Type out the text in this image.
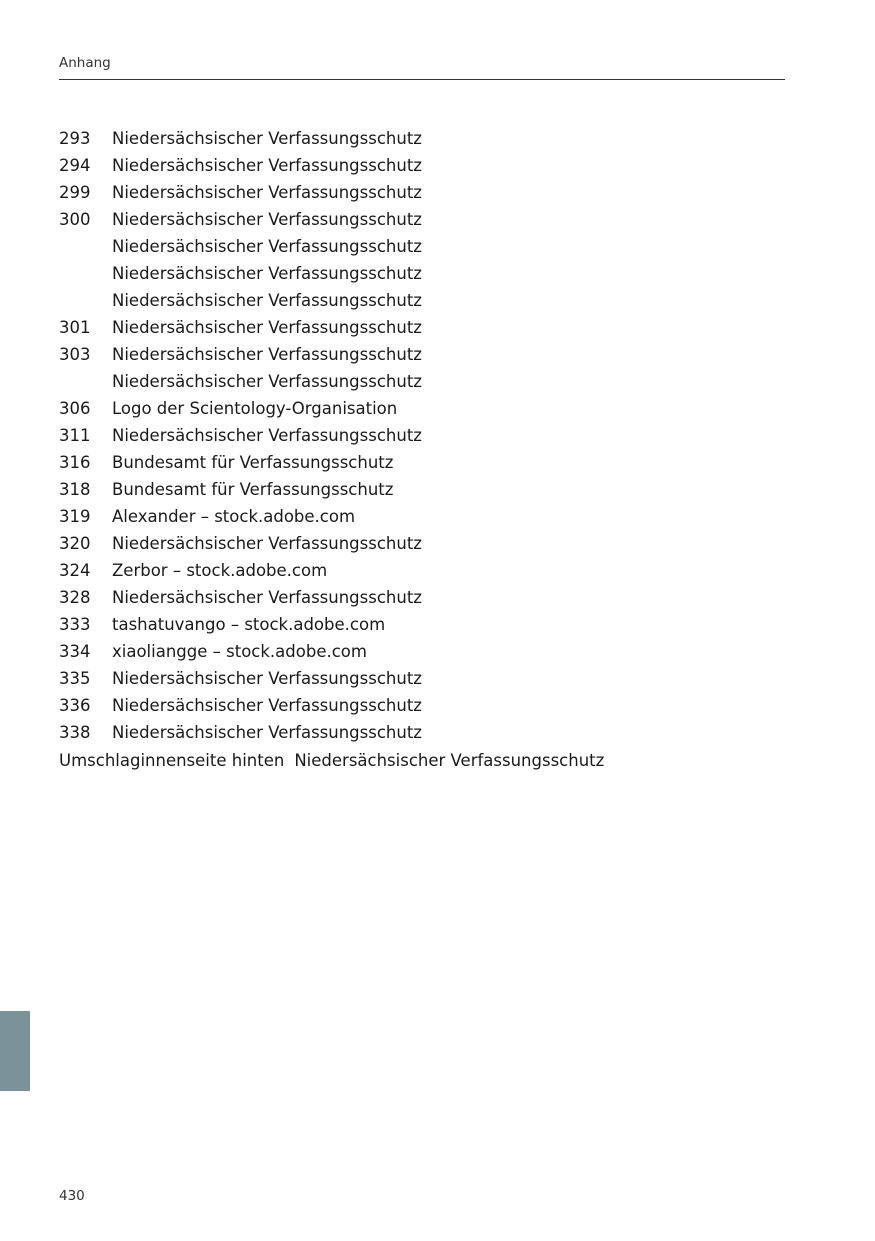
Anhang
293 Niedersächsischer Verfassungsschutz
294 Niedersächsischer Verfassungsschutz
299 Niedersächsischer Verfassungsschutz
300 Niedersächsischer Verfassungsschutz
Niedersächsischer Verfassungsschutz
Niedersächsischer Verfassungsschutz
Niedersächsischer Verfassungsschutz
301 Niedersächsischer Verfassungsschutz
303 Niedersächsischer Verfassungsschutz
Niedersächsischer Verfassungsschutz
306 Logo der Scientology-Organisation
311 Niedersächsischer Verfassungsschutz
316 Bundesamt für Verfassungsschutz
318 Bundesamt für Verfassungsschutz
319 Alexander – stock.adobe.com
320 Niedersächsischer Verfassungsschutz
324 Zerbor – stock.adobe.com
328 Niedersächsischer Verfassungsschutz
333 tashatuvango – stock.adobe.com
334 xiaoliangge – stock.adobe.com
335 Niedersächsischer Verfassungsschutz
336 Niedersächsischer Verfassungsschutz
338 Niedersächsischer Verfassungsschutz
Umschlaginnenseite hinten Niedersächsischer Verfassungsschutz
430
